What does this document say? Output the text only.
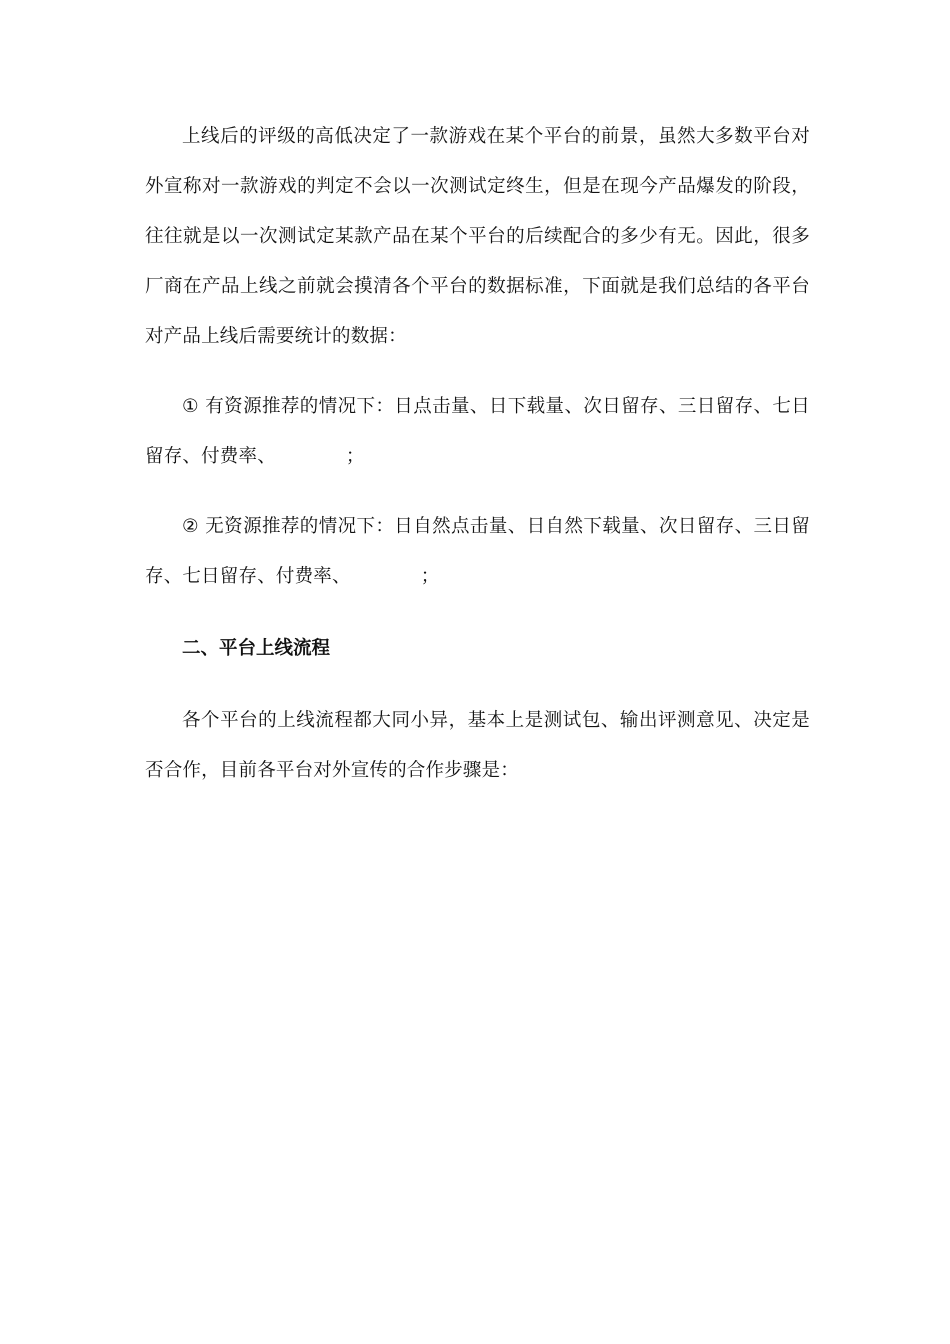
上线后的评级的高低决定了一款游戏在某个平台的前景，虽然大多数平台对外宣称对一款游戏的判定不会以一次测试定终生，但是在现今产品爆发的阶段，往往就是以一次测试定某款产品在某个平台的后续配合的多少有无。因此，很多厂商在产品上线之前就会摸清各个平台的数据标准，下面就是我们总结的各平台对产品上线后需要统计的数据：

① 有资源推荐的情况下：日点击量、日下载量、次日留存、三日留存、七日留存、付费率、	；

② 无资源推荐的情况下：日自然点击量、日自然下载量、次日留存、三日留存、七日留存、付费率、	；

二、平台上线流程

各个平台的上线流程都大同小异，基本上是测试包、输出评测意见、决定是否合作，目前各平台对外宣传的合作步骤是：
